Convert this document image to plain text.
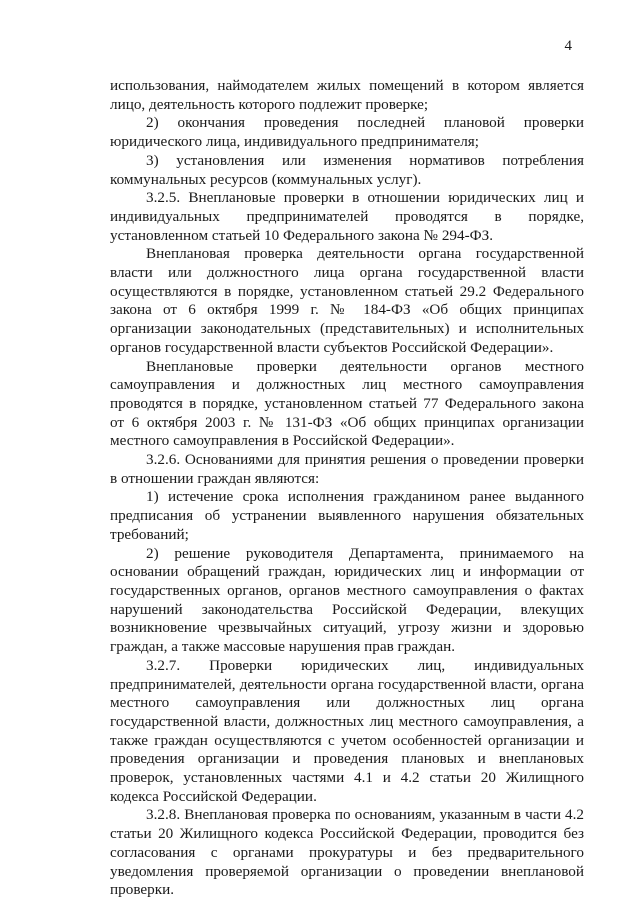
4

использования, наймодателем жилых помещений в котором является лицо, деятельность которого подлежит проверке;

2) окончания проведения последней плановой проверки юридического лица, индивидуального предпринимателя;

3) установления или изменения нормативов потребления коммунальных ресурсов (коммунальных услуг).

3.2.5. Внеплановые проверки в отношении юридических лиц и индивидуальных предпринимателей проводятся в порядке, установленном статьей 10 Федерального закона № 294-ФЗ.

Внеплановая проверка деятельности органа государственной власти или должностного лица органа государственной власти осуществляются в порядке, установленном статьей 29.2 Федерального закона от 6 октября 1999 г. № 184-ФЗ «Об общих принципах организации законодательных (представительных) и исполнительных органов государственной власти субъектов Российской Федерации».

Внеплановые проверки деятельности органов местного самоуправления и должностных лиц местного самоуправления проводятся в порядке, установленном статьей 77 Федерального закона от 6 октября 2003 г. № 131-ФЗ «Об общих принципах организации местного самоуправления в Российской Федерации».

3.2.6. Основаниями для принятия решения о проведении проверки в отношении граждан являются:

1) истечение срока исполнения гражданином ранее выданного предписания об устранении выявленного нарушения обязательных требований;

2) решение руководителя Департамента, принимаемого на основании обращений граждан, юридических лиц и информации от государственных органов, органов местного самоуправления о фактах нарушений законодательства Российской Федерации, влекущих возникновение чрезвычайных ситуаций, угрозу жизни и здоровью граждан, а также массовые нарушения прав граждан.

3.2.7. Проверки юридических лиц, индивидуальных предпринимателей, деятельности органа государственной власти, органа местного самоуправления или должностных лиц органа государственной власти, должностных лиц местного самоуправления, а также граждан осуществляются с учетом особенностей организации и проведения организации и проведения плановых и внеплановых проверок, установленных частями 4.1 и 4.2 статьи 20 Жилищного кодекса Российской Федерации.

3.2.8. Внеплановая проверка по основаниям, указанным в части 4.2 статьи 20 Жилищного кодекса Российской Федерации, проводится без согласования с органами прокуратуры и без предварительного уведомления проверяемой организации о проведении внеплановой проверки.
